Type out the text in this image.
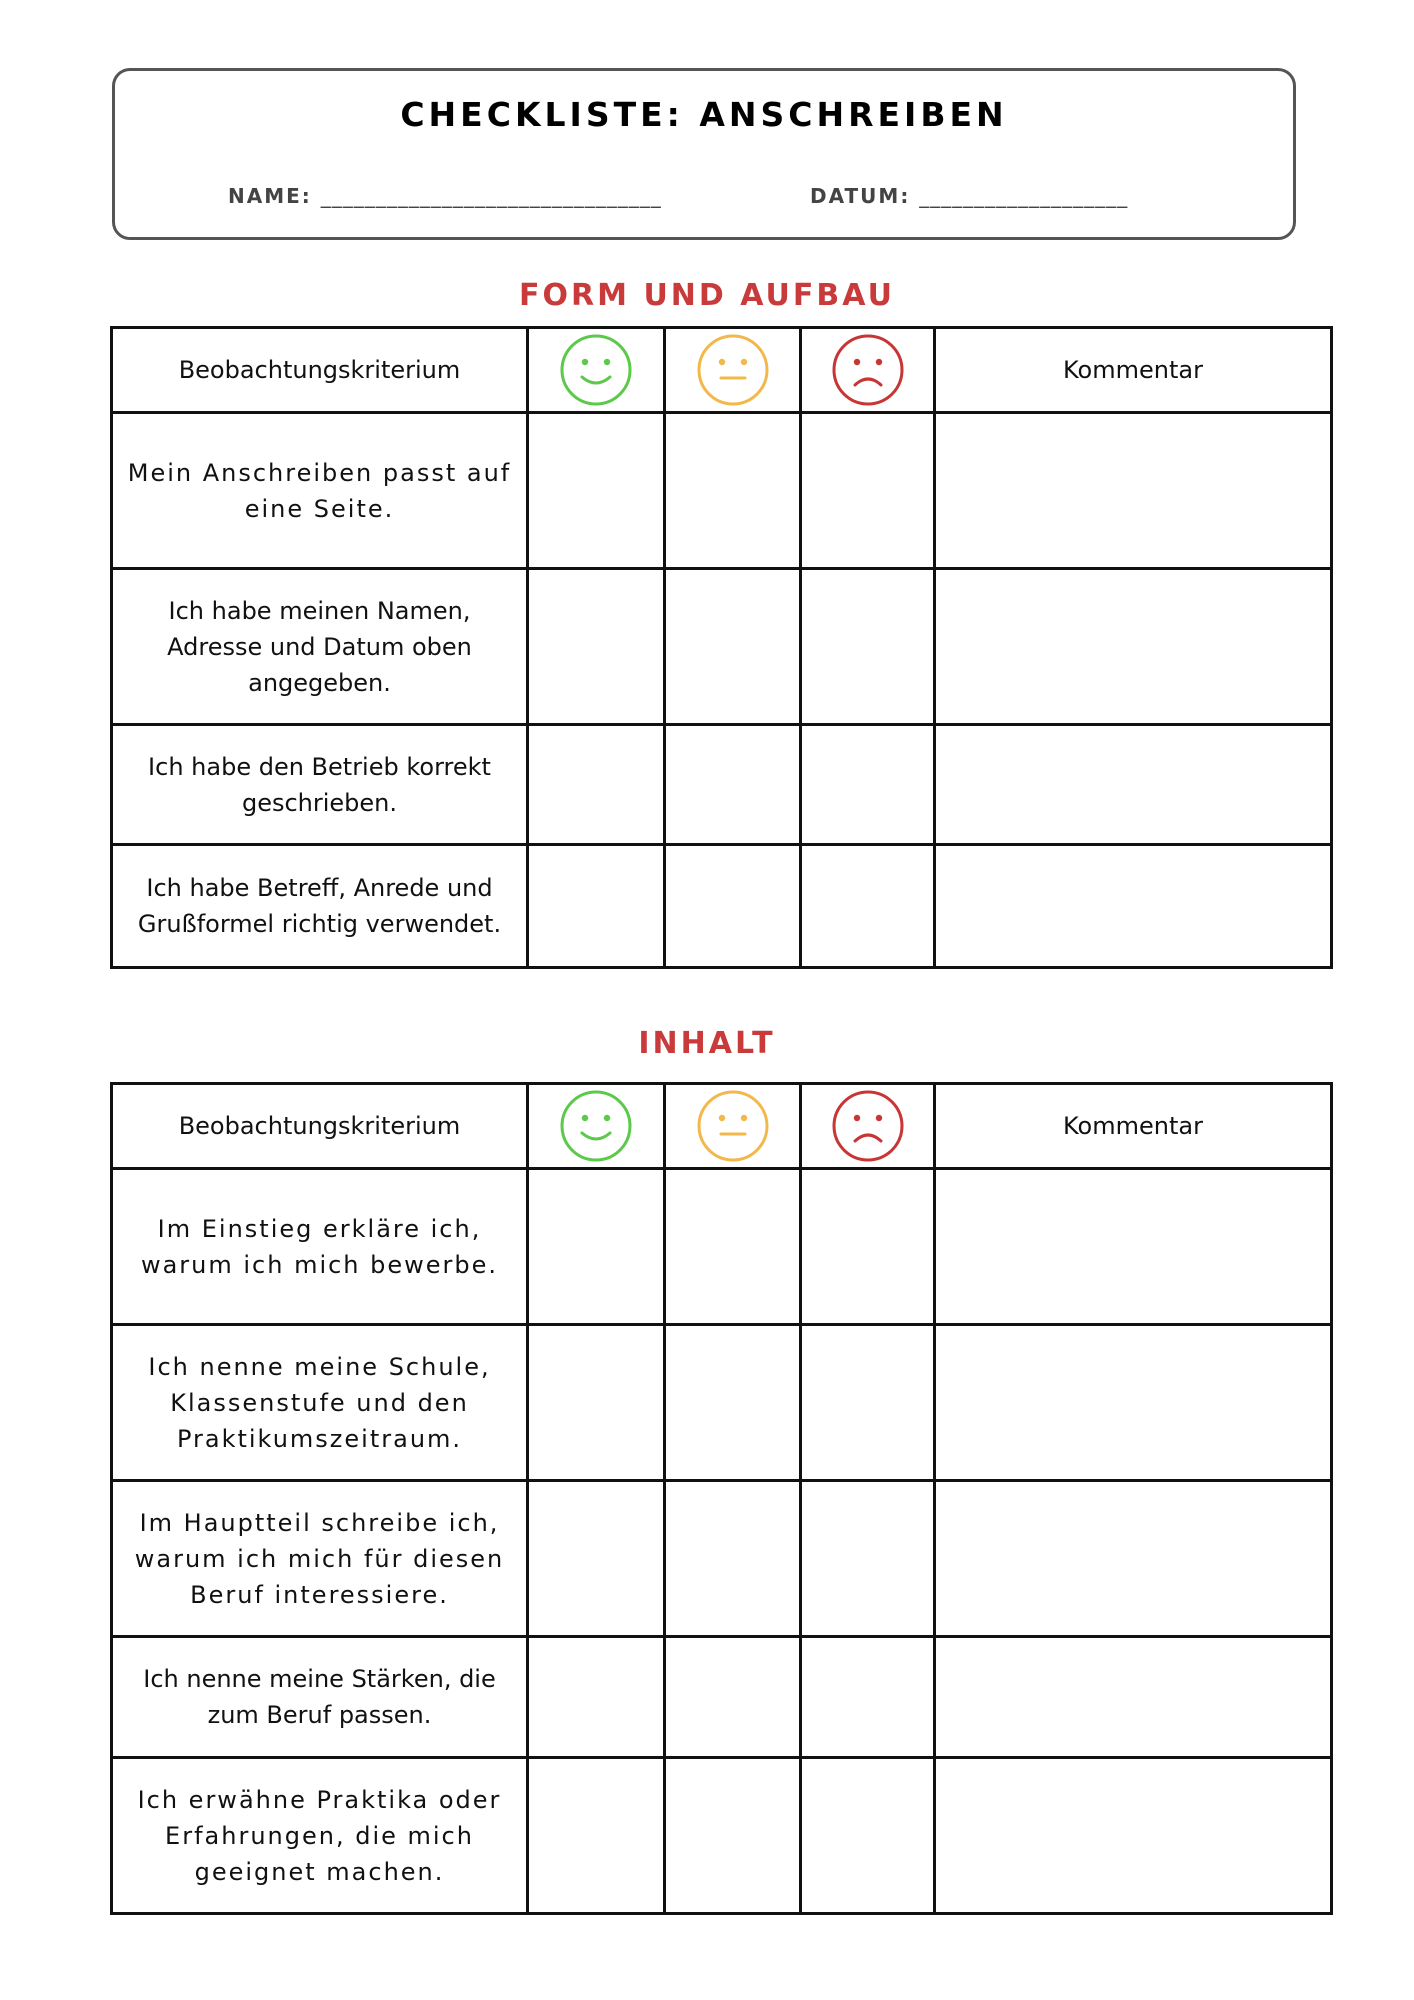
CHECKLISTE: ANSCHREIBEN
NAME: _______________________________	DATUM: ___________________
FORM UND AUFBAU
Beobachtungskriterium				Kommentar
Mein Anschreiben passt auf eine Seite.				
Ich habe meinen Namen, Adresse und Datum oben angegeben.				
Ich habe den Betrieb korrekt geschrieben.				
Ich habe Betreff, Anrede und Grußformel richtig verwendet.				
INHALT
Beobachtungskriterium				Kommentar
Im Einstieg erkläre ich, warum ich mich bewerbe.				
Ich nenne meine Schule, Klassenstufe und den Praktikumszeitraum.				
Im Hauptteil schreibe ich, warum ich mich für diesen Beruf interessiere.				
Ich nenne meine Stärken, die zum Beruf passen.				
Ich erwähne Praktika oder Erfahrungen, die mich geeignet machen.				
